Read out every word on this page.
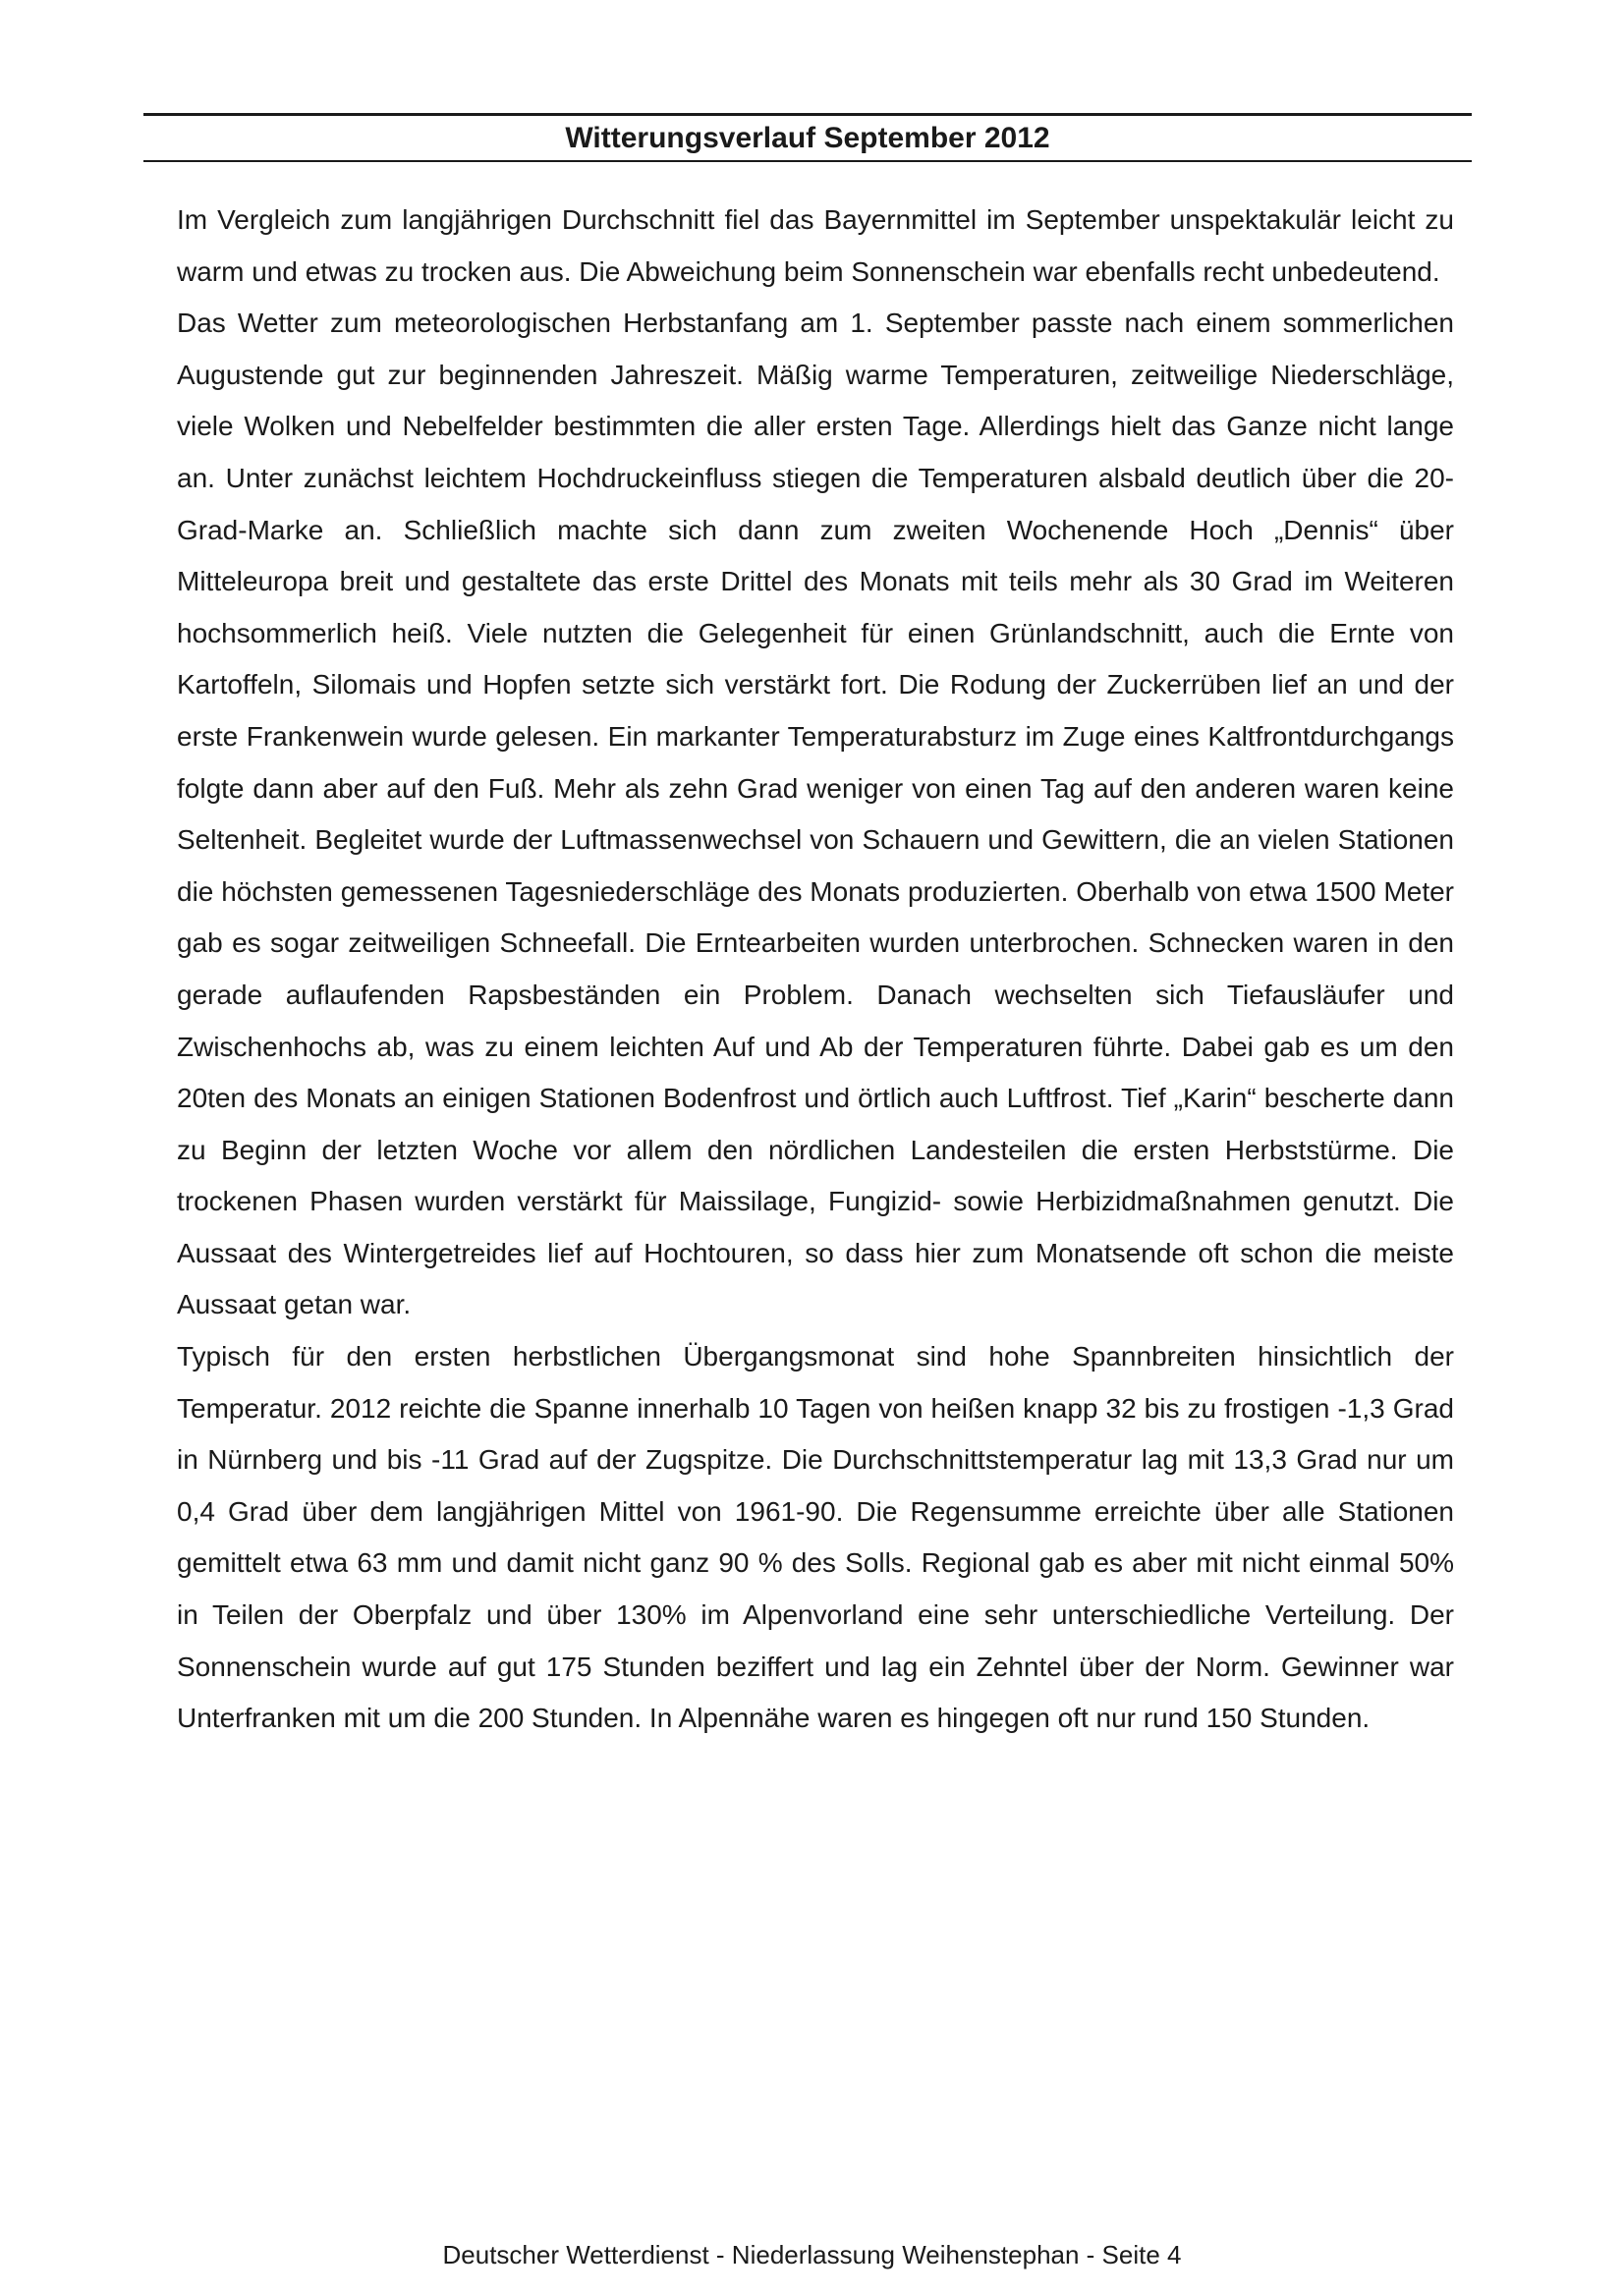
Witterungsverlauf September 2012

Im Vergleich zum langjährigen Durchschnitt fiel das Bayernmittel im September unspektakulär leicht zu warm und etwas zu trocken aus. Die Abweichung beim Sonnenschein war ebenfalls recht unbedeutend.

Das Wetter zum meteorologischen Herbstanfang am 1. September passte nach einem sommerlichen Augustende gut zur beginnenden Jahreszeit. Mäßig warme Temperaturen, zeitweilige Niederschläge, viele Wolken und Nebelfelder bestimmten die aller ersten Tage. Allerdings hielt das Ganze nicht lange an. Unter zunächst leichtem Hochdruckeinfluss stiegen die Temperaturen alsbald deutlich über die 20-Grad-Marke an. Schließlich machte sich dann zum zweiten Wochenende Hoch „Dennis“ über Mitteleuropa breit und gestaltete das erste Drittel des Monats mit teils mehr als 30 Grad im Weiteren hochsommerlich heiß. Viele nutzten die Gelegenheit für einen Grünlandschnitt, auch die Ernte von Kartoffeln, Silomais und Hopfen setzte sich verstärkt fort. Die Rodung der Zuckerrüben lief an und der erste Frankenwein wurde gelesen. Ein markanter Temperaturabsturz im Zuge eines Kaltfrontdurchgangs folgte dann aber auf den Fuß. Mehr als zehn Grad weniger von einen Tag auf den anderen waren keine Seltenheit. Begleitet wurde der Luftmassenwechsel von Schauern und Gewittern, die an vielen Stationen die höchsten gemessenen Tagesniederschläge des Monats produzierten. Oberhalb von etwa 1500 Meter gab es sogar zeitweiligen Schneefall. Die Erntearbeiten wurden unterbrochen. Schnecken waren in den gerade auflaufenden Rapsbeständen ein Problem. Danach wechselten sich Tiefausläufer und Zwischenhochs ab, was zu einem leichten Auf und Ab der Temperaturen führte. Dabei gab es um den 20ten des Monats an einigen Stationen Bodenfrost und örtlich auch Luftfrost. Tief „Karin“ bescherte dann zu Beginn der letzten Woche vor allem den nördlichen Landesteilen die ersten Herbststürme. Die trockenen Phasen wurden verstärkt für Maissilage, Fungizid- sowie Herbizidmaßnahmen genutzt. Die Aussaat des Wintergetreides lief auf Hochtouren, so dass hier zum Monatsende oft schon die meiste Aussaat getan war.

Typisch für den ersten herbstlichen Übergangsmonat sind hohe Spannbreiten hinsichtlich der Temperatur. 2012 reichte die Spanne innerhalb 10 Tagen von heißen knapp 32 bis zu frostigen -1,3 Grad in Nürnberg und bis -11 Grad auf der Zugspitze. Die Durchschnittstemperatur lag mit 13,3 Grad nur um 0,4 Grad über dem langjährigen Mittel von 1961-90. Die Regensumme erreichte über alle Stationen gemittelt etwa 63 mm und damit nicht ganz 90 % des Solls. Regional gab es aber mit nicht einmal 50% in Teilen der Oberpfalz und über 130% im Alpenvorland eine sehr unterschiedliche Verteilung. Der Sonnenschein wurde auf gut 175 Stunden beziffert und lag ein Zehntel über der Norm. Gewinner war Unterfranken mit um die 200 Stunden. In Alpennähe waren es hingegen oft nur rund 150 Stunden.

Deutscher Wetterdienst - Niederlassung Weihenstephan - Seite 4
